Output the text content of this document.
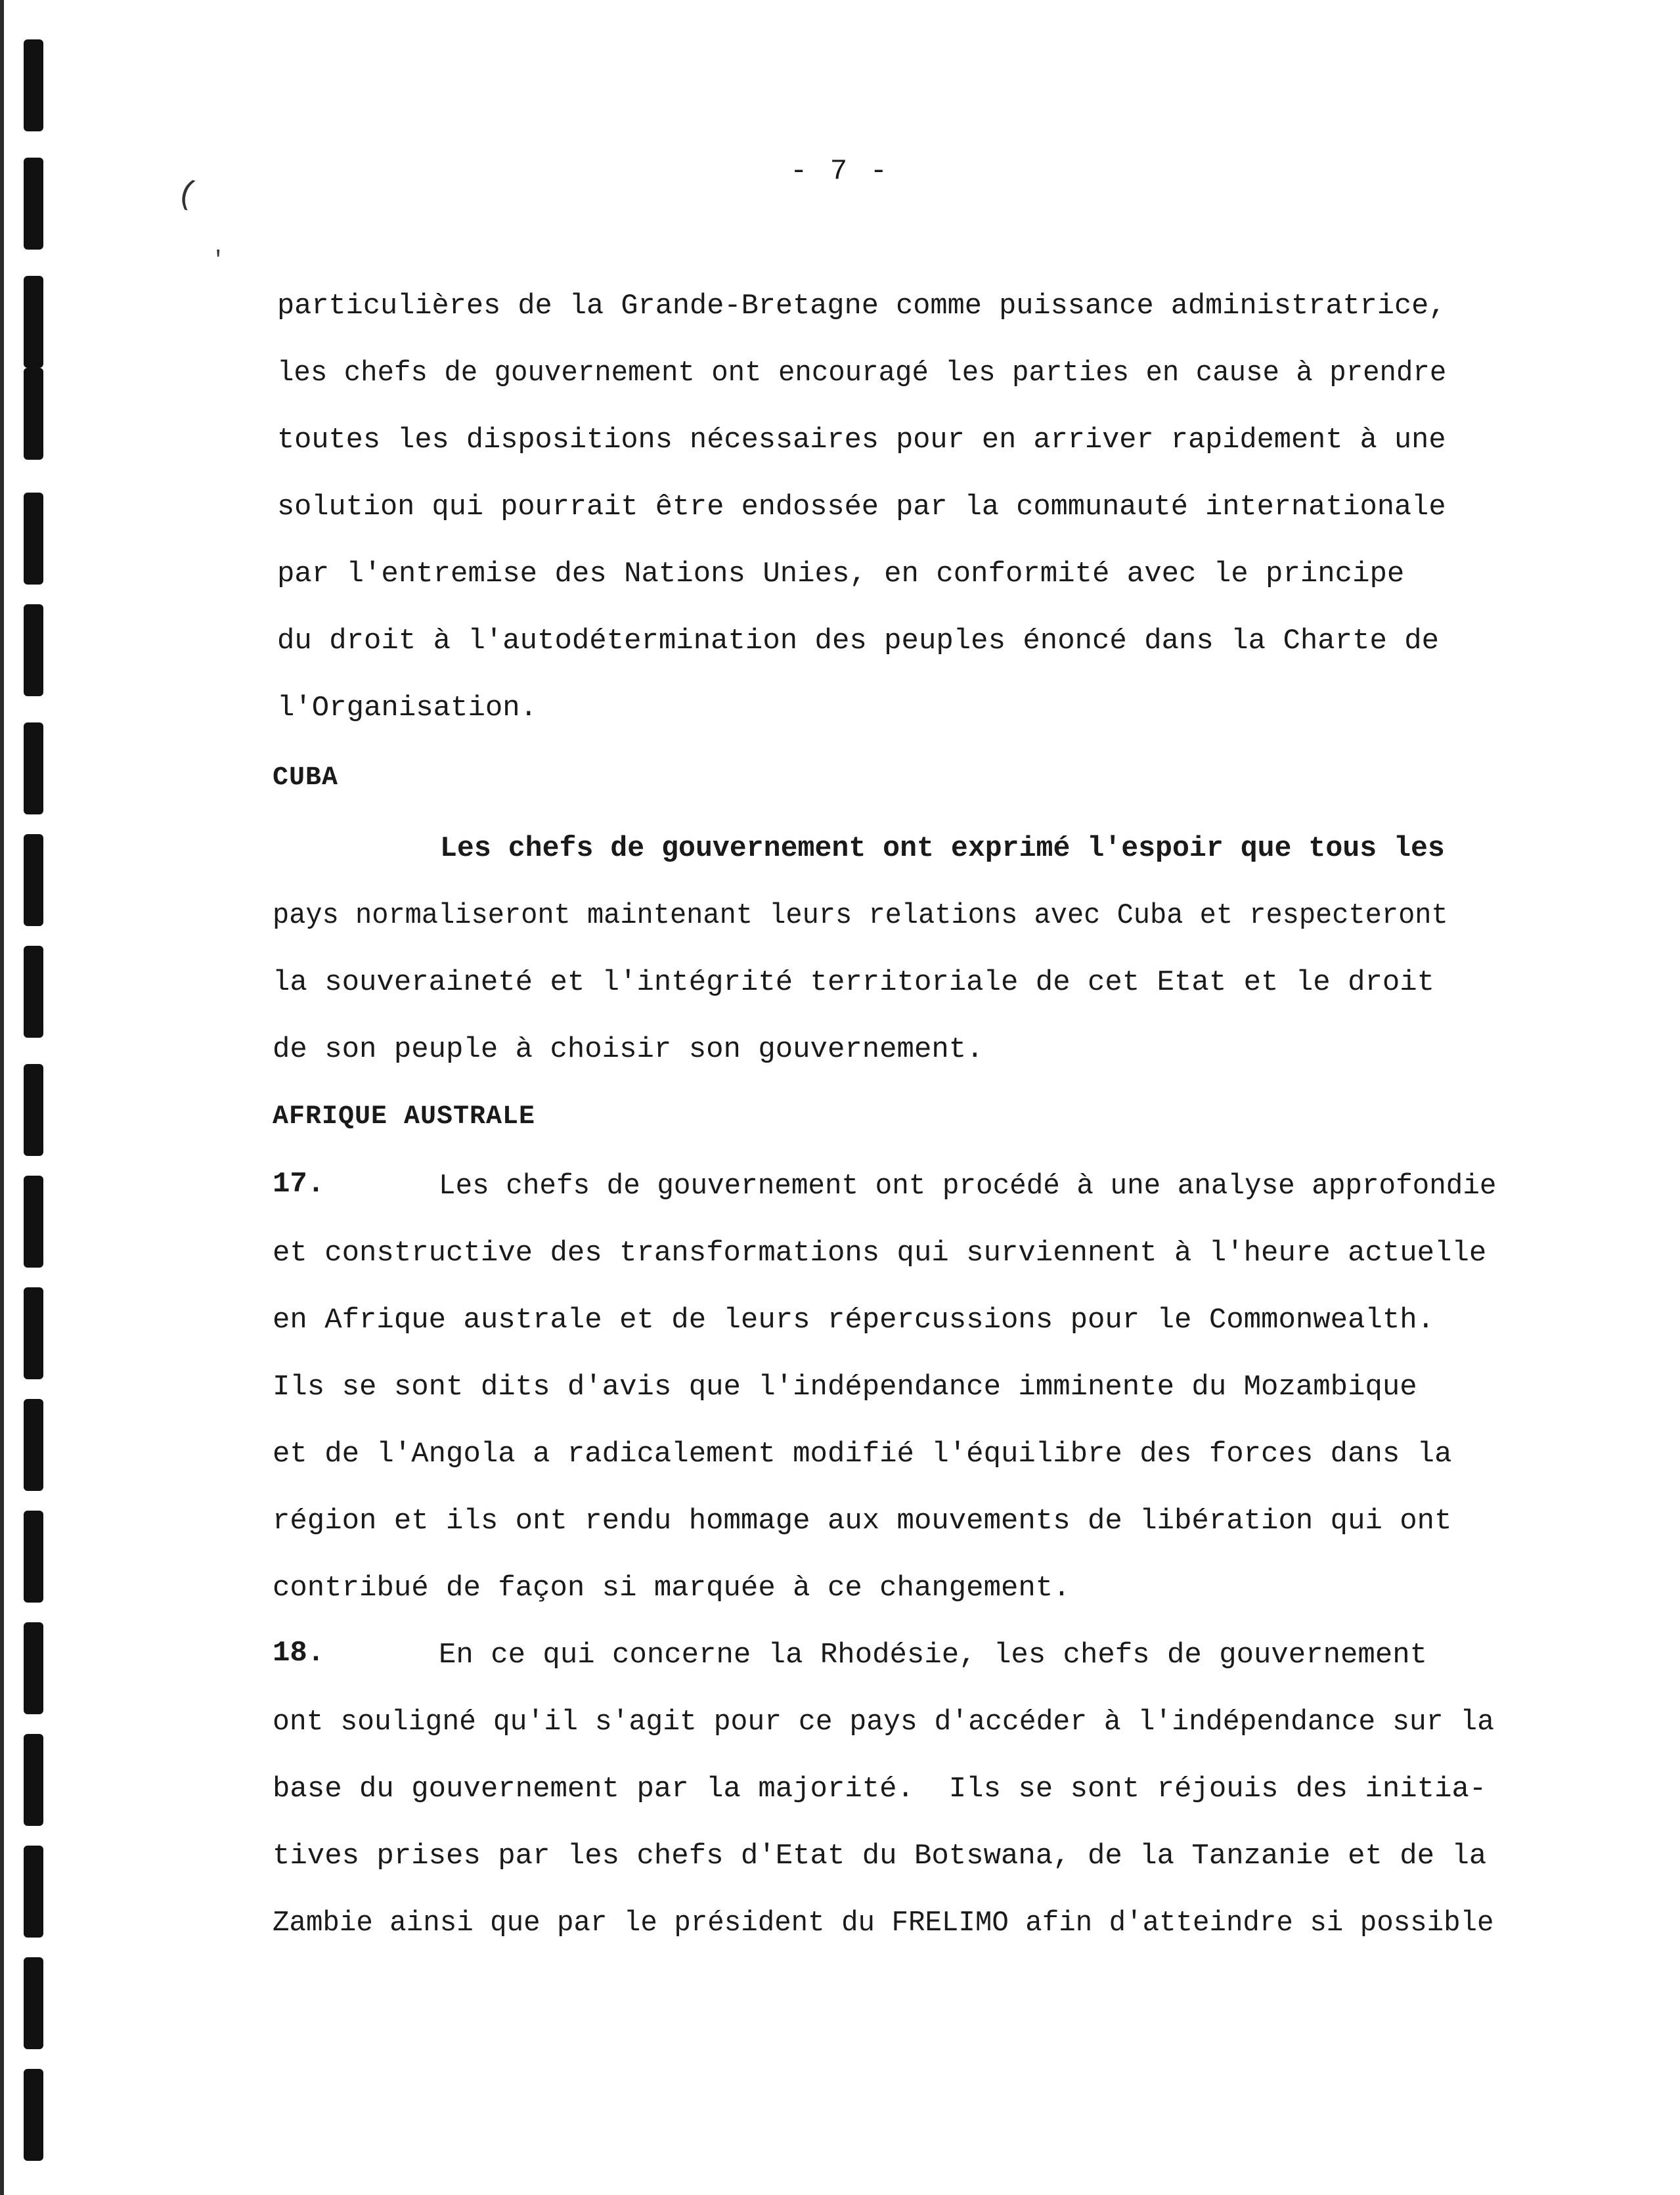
(
'
- 7 -
particulières de la Grande-Bretagne comme puissance administratrice,
les chefs de gouvernement ont encouragé les parties en cause à prendre
toutes les dispositions nécessaires pour en arriver rapidement à une
solution qui pourrait être endossée par la communauté internationale
par l'entremise des Nations Unies, en conformité avec le principe
du droit à l'autodétermination des peuples énoncé dans la Charte de
l'Organisation.
CUBA
Les chefs de gouvernement ont exprimé l'espoir que tous les
pays normaliseront maintenant leurs relations avec Cuba et respecteront
la souveraineté et l'intégrité territoriale de cet Etat et le droit
de son peuple à choisir son gouvernement.
AFRIQUE AUSTRALE
17.	Les chefs de gouvernement ont procédé à une analyse approfondie
et constructive des transformations qui surviennent à l'heure actuelle
en Afrique australe et de leurs répercussions pour le Commonwealth.
Ils se sont dits d'avis que l'indépendance imminente du Mozambique
et de l'Angola a radicalement modifié l'équilibre des forces dans la
région et ils ont rendu hommage aux mouvements de libération qui ont
contribué de façon si marquée à ce changement.
18.	En ce qui concerne la Rhodésie, les chefs de gouvernement
ont souligné qu'il s'agit pour ce pays d'accéder à l'indépendance sur la
base du gouvernement par la majorité.  Ils se sont réjouis des initia-
tives prises par les chefs d'Etat du Botswana, de la Tanzanie et de la
Zambie ainsi que par le président du FRELIMO afin d'atteindre si possible
